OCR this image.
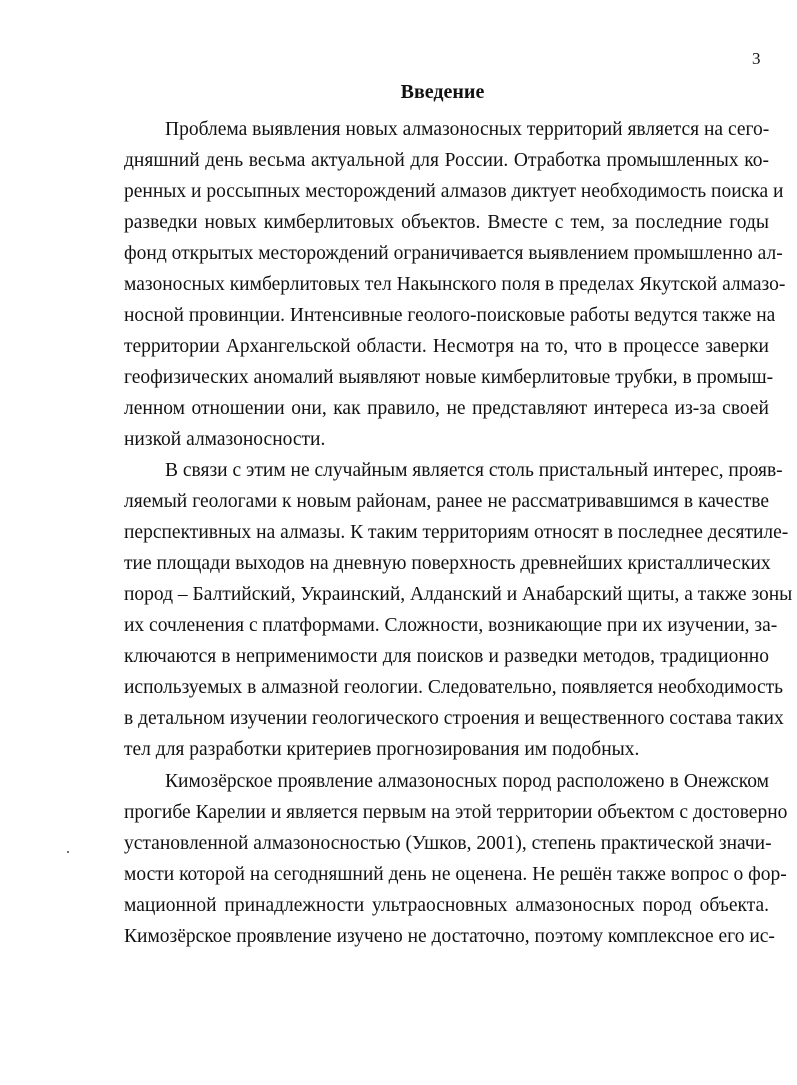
3
Введение
Проблема выявления новых алмазоносных территорий является на сего-
дняшний день весьма актуальной для России. Отработка промышленных ко-
ренных и россыпных месторождений алмазов диктует необходимость поиска и
разведки новых кимберлитовых объектов. Вместе с тем, за последние годы
фонд открытых месторождений ограничивается выявлением промышленно ал-
мазоносных кимберлитовых тел Накынского поля в пределах Якутской алмазо-
носной провинции. Интенсивные геолого-поисковые работы ведутся также на
территории Архангельской области. Несмотря на то, что в процессе заверки
геофизических аномалий выявляют новые кимберлитовые трубки, в промыш-
ленном отношении они, как правило, не представляют интереса из-за своей
низкой алмазоносности.
В связи с этим не случайным является столь пристальный интерес, прояв-
ляемый геологами к новым районам, ранее не рассматривавшимся в качестве
перспективных на алмазы. К таким территориям относят в последнее десятиле-
тие площади выходов на дневную поверхность древнейших кристаллических
пород – Балтийский, Украинский, Алданский и Анабарский щиты, а также зоны
их сочленения с платформами. Сложности, возникающие при их изучении, за-
ключаются в неприменимости для поисков и разведки методов, традиционно
используемых в алмазной геологии. Следовательно, появляется необходимость
в детальном изучении геологического строения и вещественного состава таких
тел для разработки критериев прогнозирования им подобных.
Кимозёрское проявление алмазоносных пород расположено в Онежском
прогибе Карелии и является первым на этой территории объектом с достоверно
установленной алмазоносностью (Ушков, 2001), степень практической значи-
мости которой на сегодняшний день не оценена. Не решён также вопрос о фор-
мационной принадлежности ультраосновных алмазоносных пород объекта.
Кимозёрское проявление изучено не достаточно, поэтому комплексное его ис-
